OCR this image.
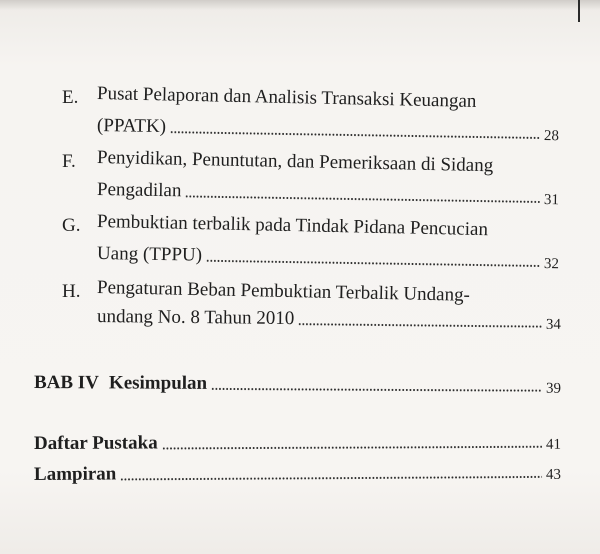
E. Pusat Pelaporan dan Analisis Transaksi Keuangan
(PPATK)	28
F. Penyidikan, Penuntutan, dan Pemeriksaan di Sidang
Pengadilan	31
G. Pembuktian terbalik pada Tindak Pidana Pencucian
Uang (TPPU)	32
H. Pengaturan Beban Pembuktian Terbalik Undang-
undang No. 8 Tahun 2010	34
BAB IV Kesimpulan	39
Daftar Pustaka	41
Lampiran	43
